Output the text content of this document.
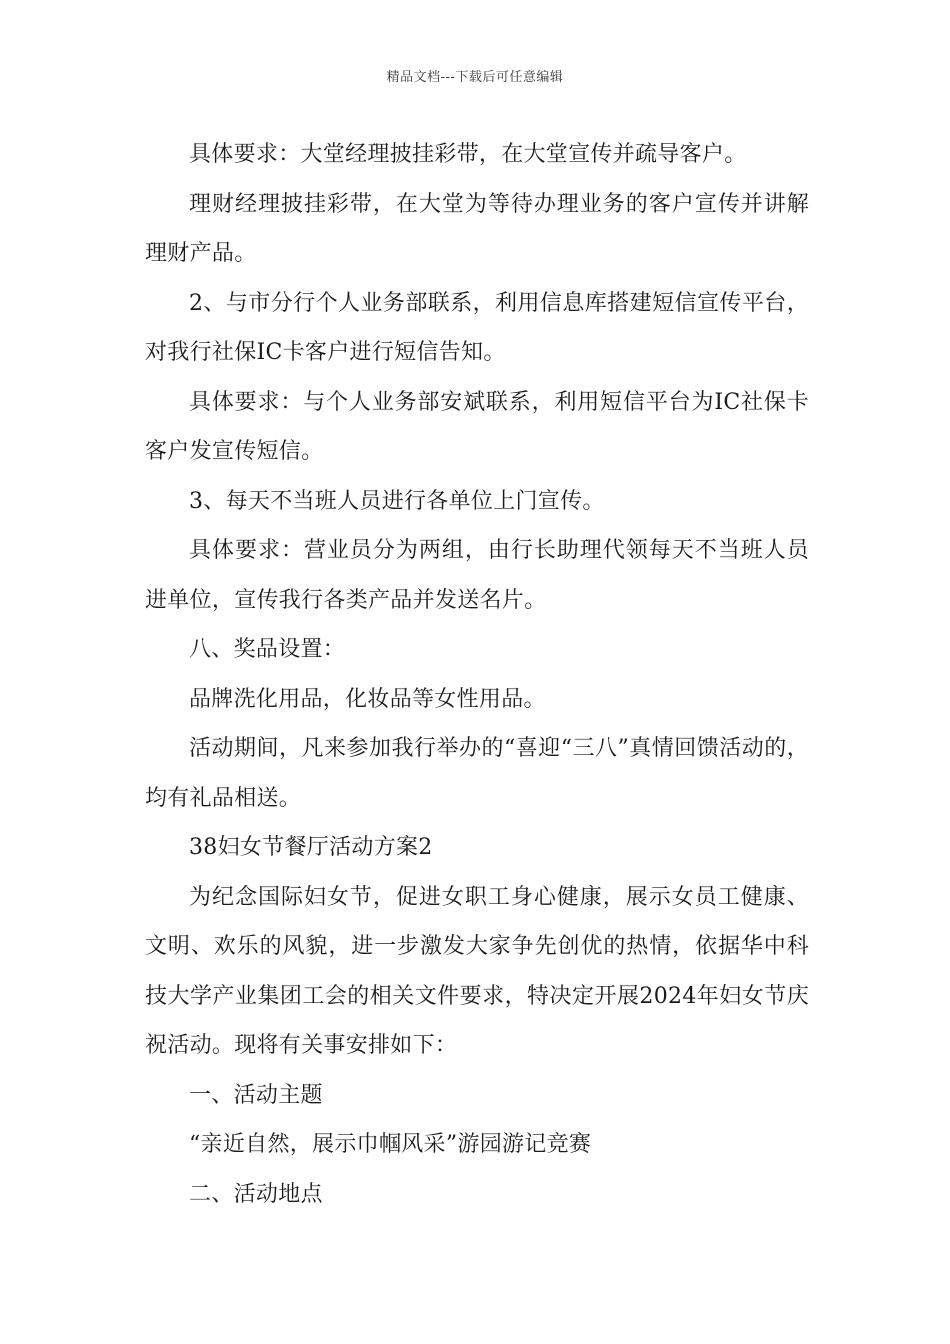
精品文档---下载后可任意编辑

具体要求：大堂经理披挂彩带，在大堂宣传并疏导客户。

理财经理披挂彩带，在大堂为等待办理业务的客户宣传并讲解理财产品。

2、与市分行个人业务部联系，利用信息库搭建短信宣传平台，对我行社保IC卡客户进行短信告知。

具体要求：与个人业务部安斌联系，利用短信平台为IC社保卡客户发宣传短信。

3、每天不当班人员进行各单位上门宣传。

具体要求：营业员分为两组，由行长助理代领每天不当班人员进单位，宣传我行各类产品并发送名片。

八、奖品设置：

品牌洗化用品，化妆品等女性用品。

活动期间，凡来参加我行举办的“喜迎“三八”真情回馈活动的，均有礼品相送。

38妇女节餐厅活动方案2

为纪念国际妇女节，促进女职工身心健康，展示女员工健康、文明、欢乐的风貌，进一步激发大家争先创优的热情，依据华中科技大学产业集团工会的相关文件要求，特决定开展2024年妇女节庆祝活动。现将有关事安排如下：

一、活动主题

“亲近自然，展示巾帼风采”游园游记竞赛

二、活动地点
